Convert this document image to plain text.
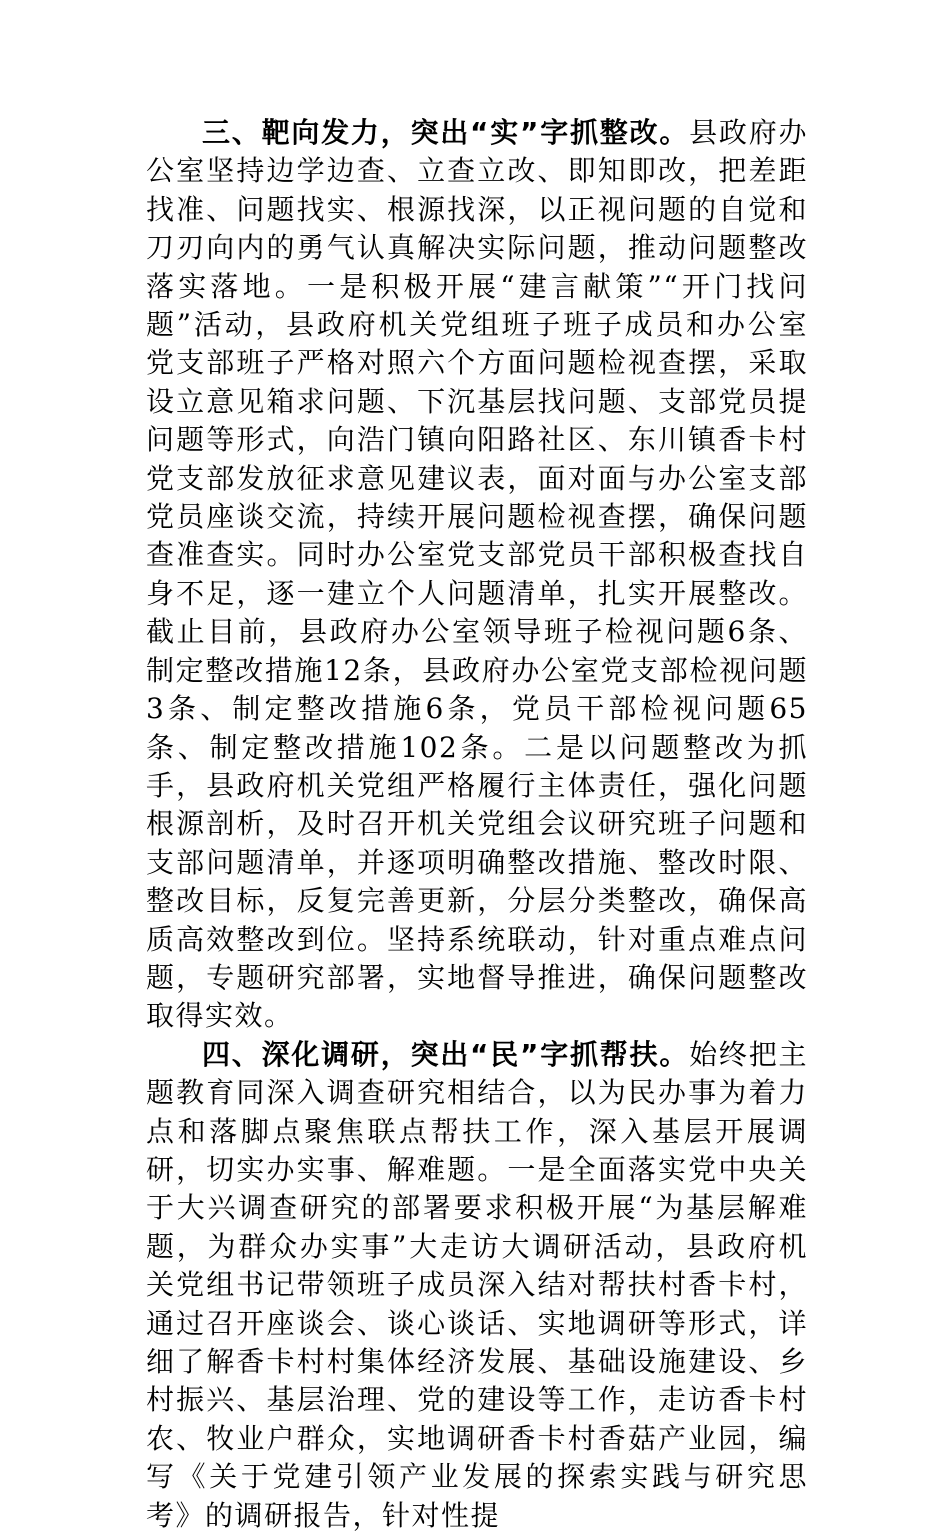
三、靶向发力，突出“实”字抓整改。县政府办公室坚持边学边查、立查立改、即知即改，把差距找准、问题找实、根源找深，以正视问题的自觉和刀刃向内的勇气认真解决实际问题，推动问题整改落实落地。一是积极开展“建言献策”“开门找问题”活动，县政府机关党组班子班子成员和办公室党支部班子严格对照六个方面问题检视查摆，采取设立意见箱求问题、下沉基层找问题、支部党员提问题等形式，向浩门镇向阳路社区、东川镇香卡村党支部发放征求意见建议表，面对面与办公室支部党员座谈交流，持续开展问题检视查摆，确保问题查准查实。同时办公室党支部党员干部积极查找自身不足，逐一建立个人问题清单，扎实开展整改。截止目前，县政府办公室领导班子检视问题6条、制定整改措施12条，县政府办公室党支部检视问题3条、制定整改措施6条，党员干部检视问题65条、制定整改措施102条。二是以问题整改为抓手，县政府机关党组严格履行主体责任，强化问题根源剖析，及时召开机关党组会议研究班子问题和支部问题清单，并逐项明确整改措施、整改时限、整改目标，反复完善更新，分层分类整改，确保高质高效整改到位。坚持系统联动，针对重点难点问题，专题研究部署，实地督导推进，确保问题整改取得实效。

四、深化调研，突出“民”字抓帮扶。始终把主题教育同深入调查研究相结合，以为民办事为着力点和落脚点聚焦联点帮扶工作，深入基层开展调研，切实办实事、解难题。一是全面落实党中央关于大兴调查研究的部署要求积极开展“为基层解难题，为群众办实事”大走访大调研活动，县政府机关党组书记带领班子成员深入结对帮扶村香卡村，通过召开座谈会、谈心谈话、实地调研等形式，详细了解香卡村村集体经济发展、基础设施建设、乡村振兴、基层治理、党的建设等工作，走访香卡村农、牧业户群众，实地调研香卡村香菇产业园，编写《关于党建引领产业发展的探索实践与研究思考》的调研报告，针对性提
